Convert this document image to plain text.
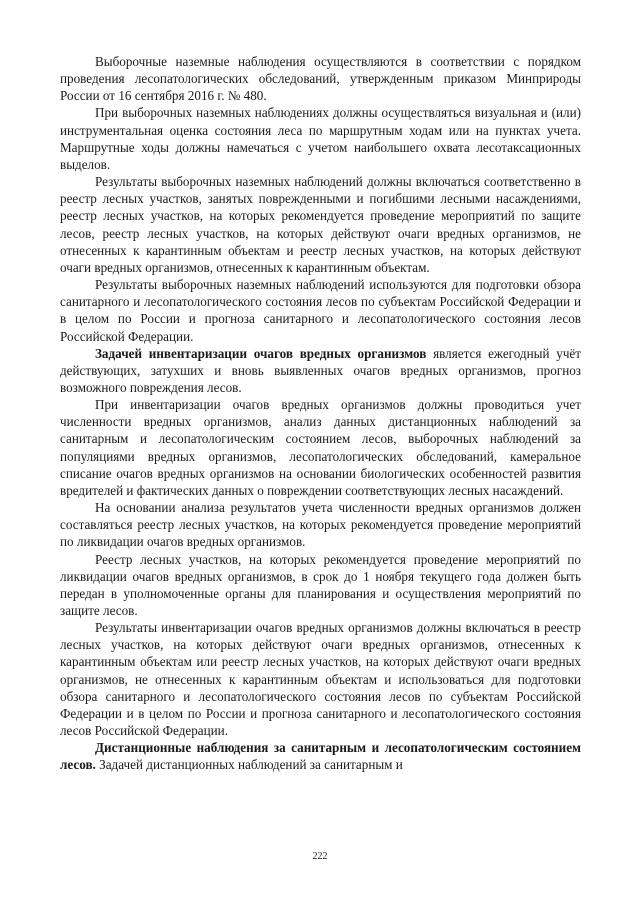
Выборочные наземные наблюдения осуществляются в соответствии с порядком проведения лесопатологических обследований, утвержденным приказом Минприроды России от 16 сентября 2016 г. № 480.

При выборочных наземных наблюдениях должны осуществляться визуальная и (или) инструментальная оценка состояния леса по маршрутным ходам или на пунктах учета. Маршрутные ходы должны намечаться с учетом наибольшего охвата лесотаксационных выделов.

Результаты выборочных наземных наблюдений должны включаться соответственно в реестр лесных участков, занятых поврежденными и погибшими лесными насаждениями, реестр лесных участков, на которых рекомендуется проведение мероприятий по защите лесов, реестр лесных участков, на которых действуют очаги вредных организмов, не отнесенных к карантинным объектам и реестр лесных участков, на которых действуют очаги вредных организмов, отнесенных к карантинным объектам.

Результаты выборочных наземных наблюдений используются для подготовки обзора санитарного и лесопатологического состояния лесов по субъектам Российской Федерации и в целом по России и прогноза санитарного и лесопатологического состояния лесов Российской Федерации.

Задачей инвентаризации очагов вредных организмов является ежегодный учёт действующих, затухших и вновь выявленных очагов вредных организмов, прогноз возможного повреждения лесов.

При инвентаризации очагов вредных организмов должны проводиться учет численности вредных организмов, анализ данных дистанционных наблюдений за санитарным и лесопатологическим состоянием лесов, выборочных наблюдений за популяциями вредных организмов, лесопатологических обследований, камеральное списание очагов вредных организмов на основании биологических особенностей развития вредителей и фактических данных о повреждении соответствующих лесных насаждений.

На основании анализа результатов учета численности вредных организмов должен составляться реестр лесных участков, на которых рекомендуется проведение мероприятий по ликвидации очагов вредных организмов.

Реестр лесных участков, на которых рекомендуется проведение мероприятий по ликвидации очагов вредных организмов, в срок до 1 ноября текущего года должен быть передан в уполномоченные органы для планирования и осуществления мероприятий по защите лесов.

Результаты инвентаризации очагов вредных организмов должны включаться в реестр лесных участков, на которых действуют очаги вредных организмов, отнесенных к карантинным объектам или реестр лесных участков, на которых действуют очаги вредных организмов, не отнесенных к карантинным объектам и использоваться для подготовки обзора санитарного и лесопатологического состояния лесов по субъектам Российской Федерации и в целом по России и прогноза санитарного и лесопатологического состояния лесов Российской Федерации.

Дистанционные наблюдения за санитарным и лесопатологическим состоянием лесов. Задачей дистанционных наблюдений за санитарным и

222
